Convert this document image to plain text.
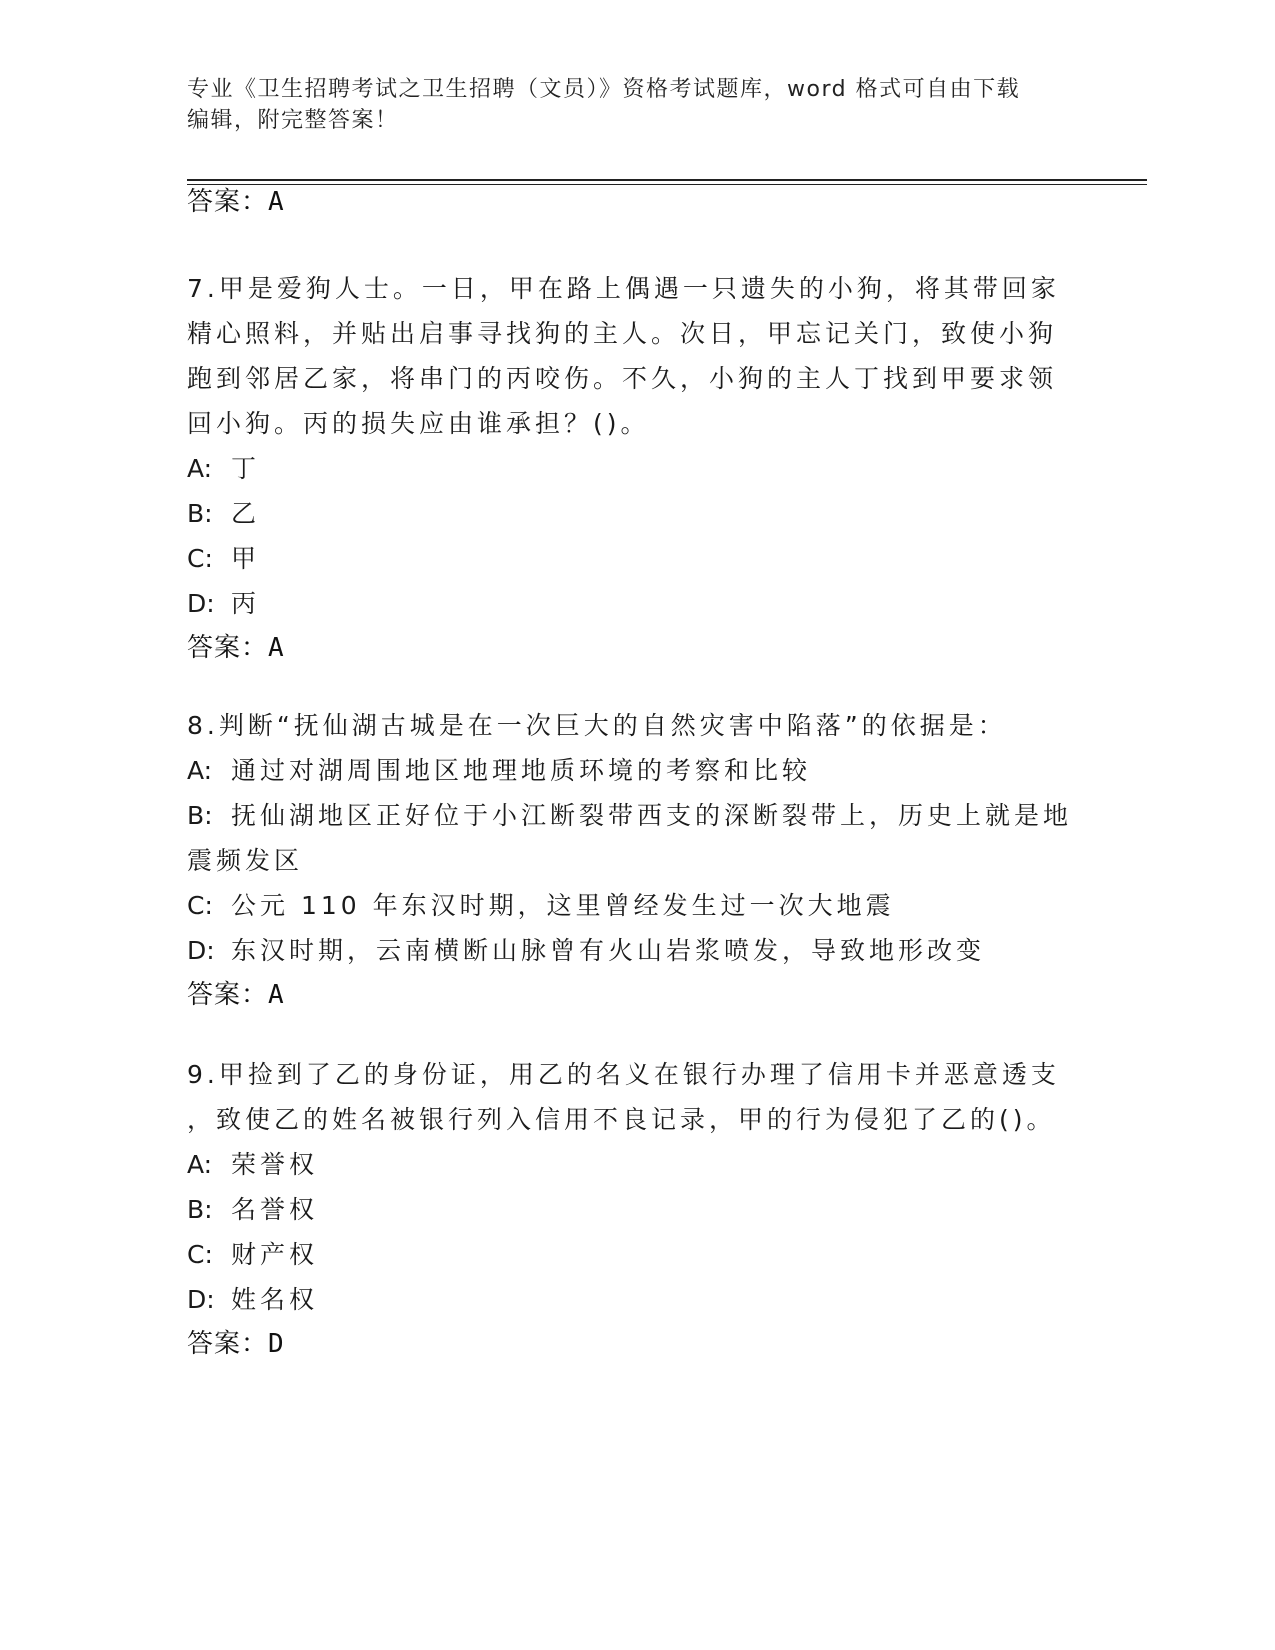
专业《卫生招聘考试之卫生招聘（文员）》资格考试题库，word 格式可自由下载
编辑，附完整答案！
答案：A
7.甲是爱狗人士。一日，甲在路上偶遇一只遗失的小狗，将其带回家
精心照料，并贴出启事寻找狗的主人。次日，甲忘记关门，致使小狗
跑到邻居乙家，将串门的丙咬伤。不久，小狗的主人丁找到甲要求领
回小狗。丙的损失应由谁承担？()。
A: 丁
B: 乙
C: 甲
D: 丙
答案：A
8.判断“抚仙湖古城是在一次巨大的自然灾害中陷落”的依据是：
A: 通过对湖周围地区地理地质环境的考察和比较
B: 抚仙湖地区正好位于小江断裂带西支的深断裂带上，历史上就是地
震频发区
C: 公元 110 年东汉时期，这里曾经发生过一次大地震
D: 东汉时期，云南横断山脉曾有火山岩浆喷发，导致地形改变
答案：A
9.甲捡到了乙的身份证，用乙的名义在银行办理了信用卡并恶意透支
，致使乙的姓名被银行列入信用不良记录，甲的行为侵犯了乙的()。
A: 荣誉权
B: 名誉权
C: 财产权
D: 姓名权
答案：D
